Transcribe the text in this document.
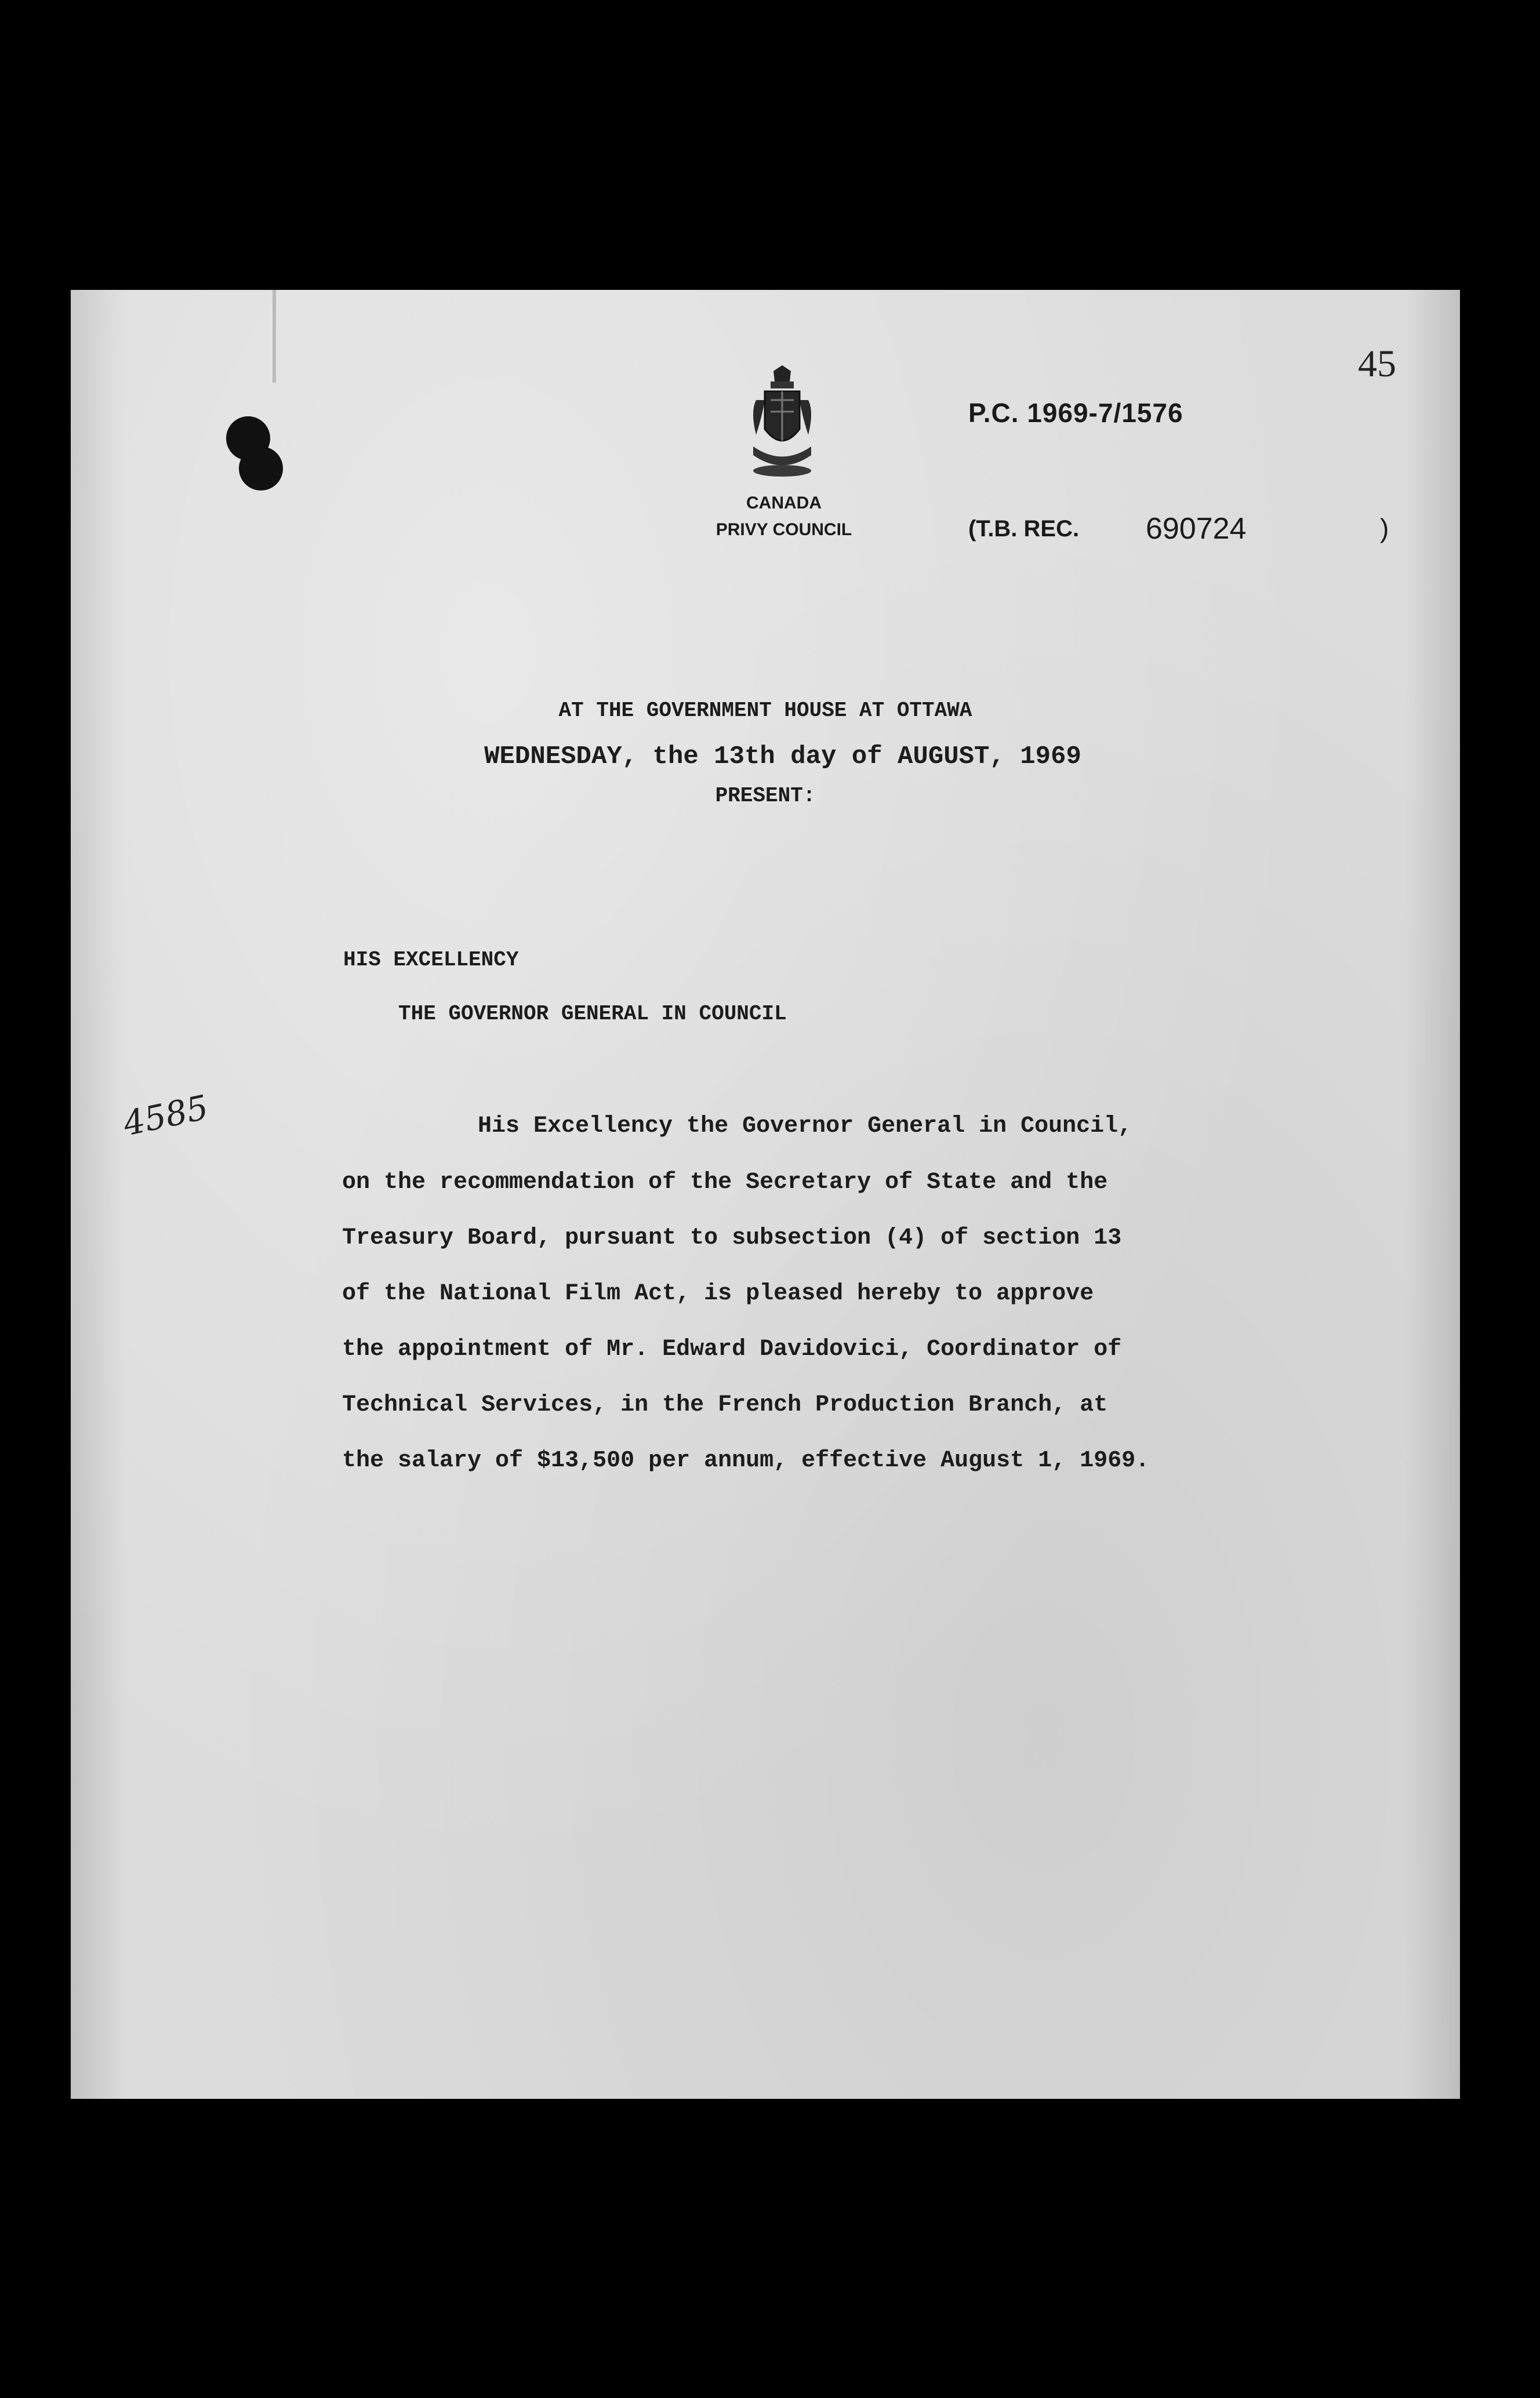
45

CANADA
PRIVY COUNCIL
P.C. 1969-7/1576
(T.B. REC. 690724	)

AT THE GOVERNMENT HOUSE AT OTTAWA

WEDNESDAY, the 13th day of AUGUST, 1969

PRESENT:

HIS EXCELLENCY

THE GOVERNOR GENERAL IN COUNCIL

4585	His Excellency the Governor General in Council,

on the recommendation of the Secretary of State and the

Treasury Board, pursuant to subsection (4) of section 13

of the National Film Act, is pleased hereby to approve

the appointment of Mr. Edward Davidovici, Coordinator of

Technical Services, in the French Production Branch, at

the salary of $13,500 per annum, effective August 1, 1969.
